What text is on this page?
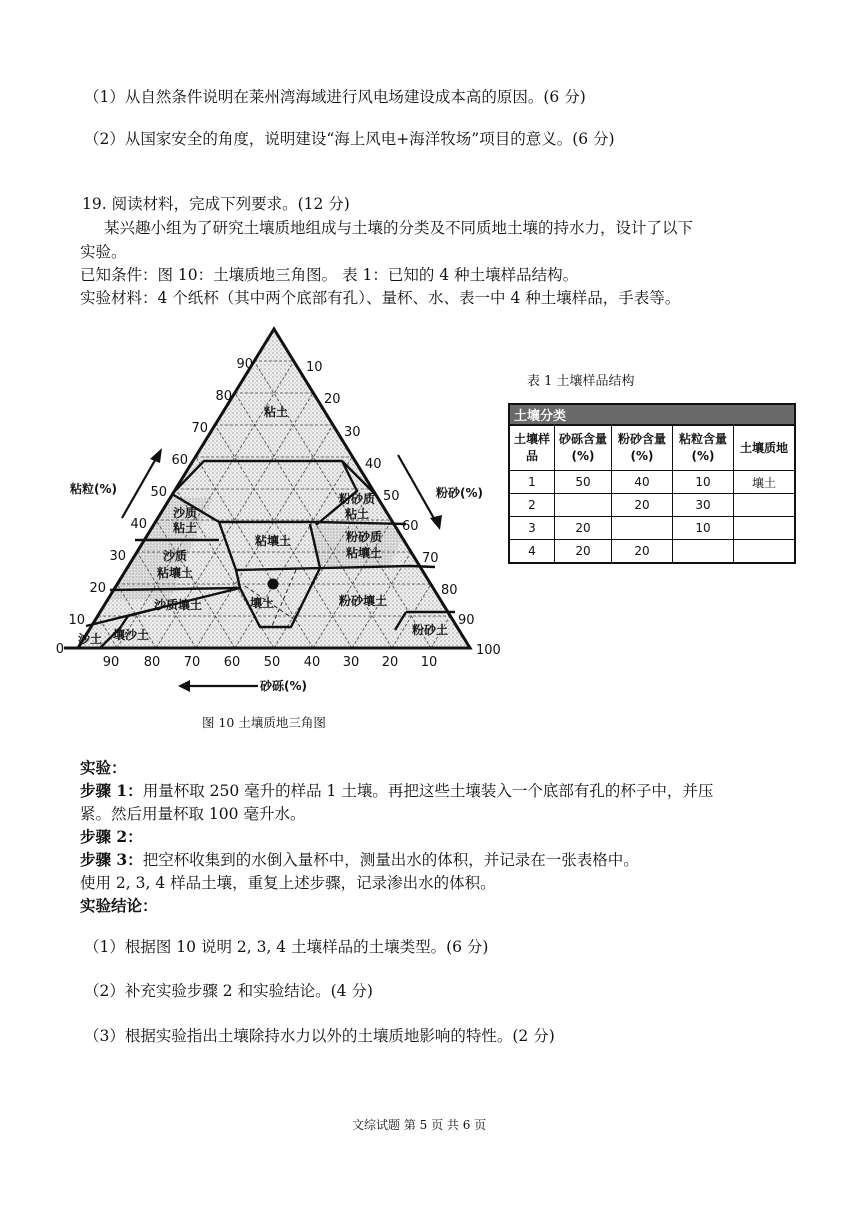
（1）从自然条件说明在莱州湾海域进行风电场建设成本高的原因。(6 分)
（2）从国家安全的角度，说明建设“海上风电+海洋牧场”项目的意义。(6 分)
19. 阅读材料，完成下列要求。(12 分)
某兴趣小组为了研究土壤质地组成与土壤的分类及不同质地土壤的持水力，设计了以下
实验。
已知条件：图 10：土壤质地三角图。 表 1：已知的 4 种土壤样品结构。
实验材料：4 个纸杯（其中两个底部有孔）、量杯、水、表一中 4 种土壤样品，手表等。
粘粒(%)	粉砂(%)
砂砾(%)
90
80
70
60
50
40
30
20
10
0
10
20
30
40
50
60
70
80
90
100
90 80 70 60 50 40 30 20 10
粘土
粉砂质
粘土
沙质
粘土
粘壤土	粉砂质
粘壤土
沙质
粘壤土
壤土	粉砂壤土
沙质壤土
壤沙土
沙土
粉砂土
图 10 土壤质地三角图
表 1 土壤样品结构
土壤分类				
土壤样品	砂砾含量 (%)	粉砂含量 (%)	粘粒含量 (%)	土壤质地
1	50	40	10	壤土
2		20	30	
3	20		10	
4	20	20		
实验：
步骤 1：用量杯取 250 毫升的样品 1 土壤。再把这些土壤装入一个底部有孔的杯子中，并压
紧。然后用量杯取 100 毫升水。
步骤 2：
步骤 3：把空杯收集到的水倒入量杯中，测量出水的体积，并记录在一张表格中。
使用 2, 3, 4 样品土壤，重复上述步骤，记录渗出水的体积。
实验结论：
（1）根据图 10 说明 2, 3, 4 土壤样品的土壤类型。(6 分)
（2）补充实验步骤 2 和实验结论。(4 分)
（3）根据实验指出土壤除持水力以外的土壤质地影响的特性。(2 分)
文综试题 第 5 页 共 6 页
